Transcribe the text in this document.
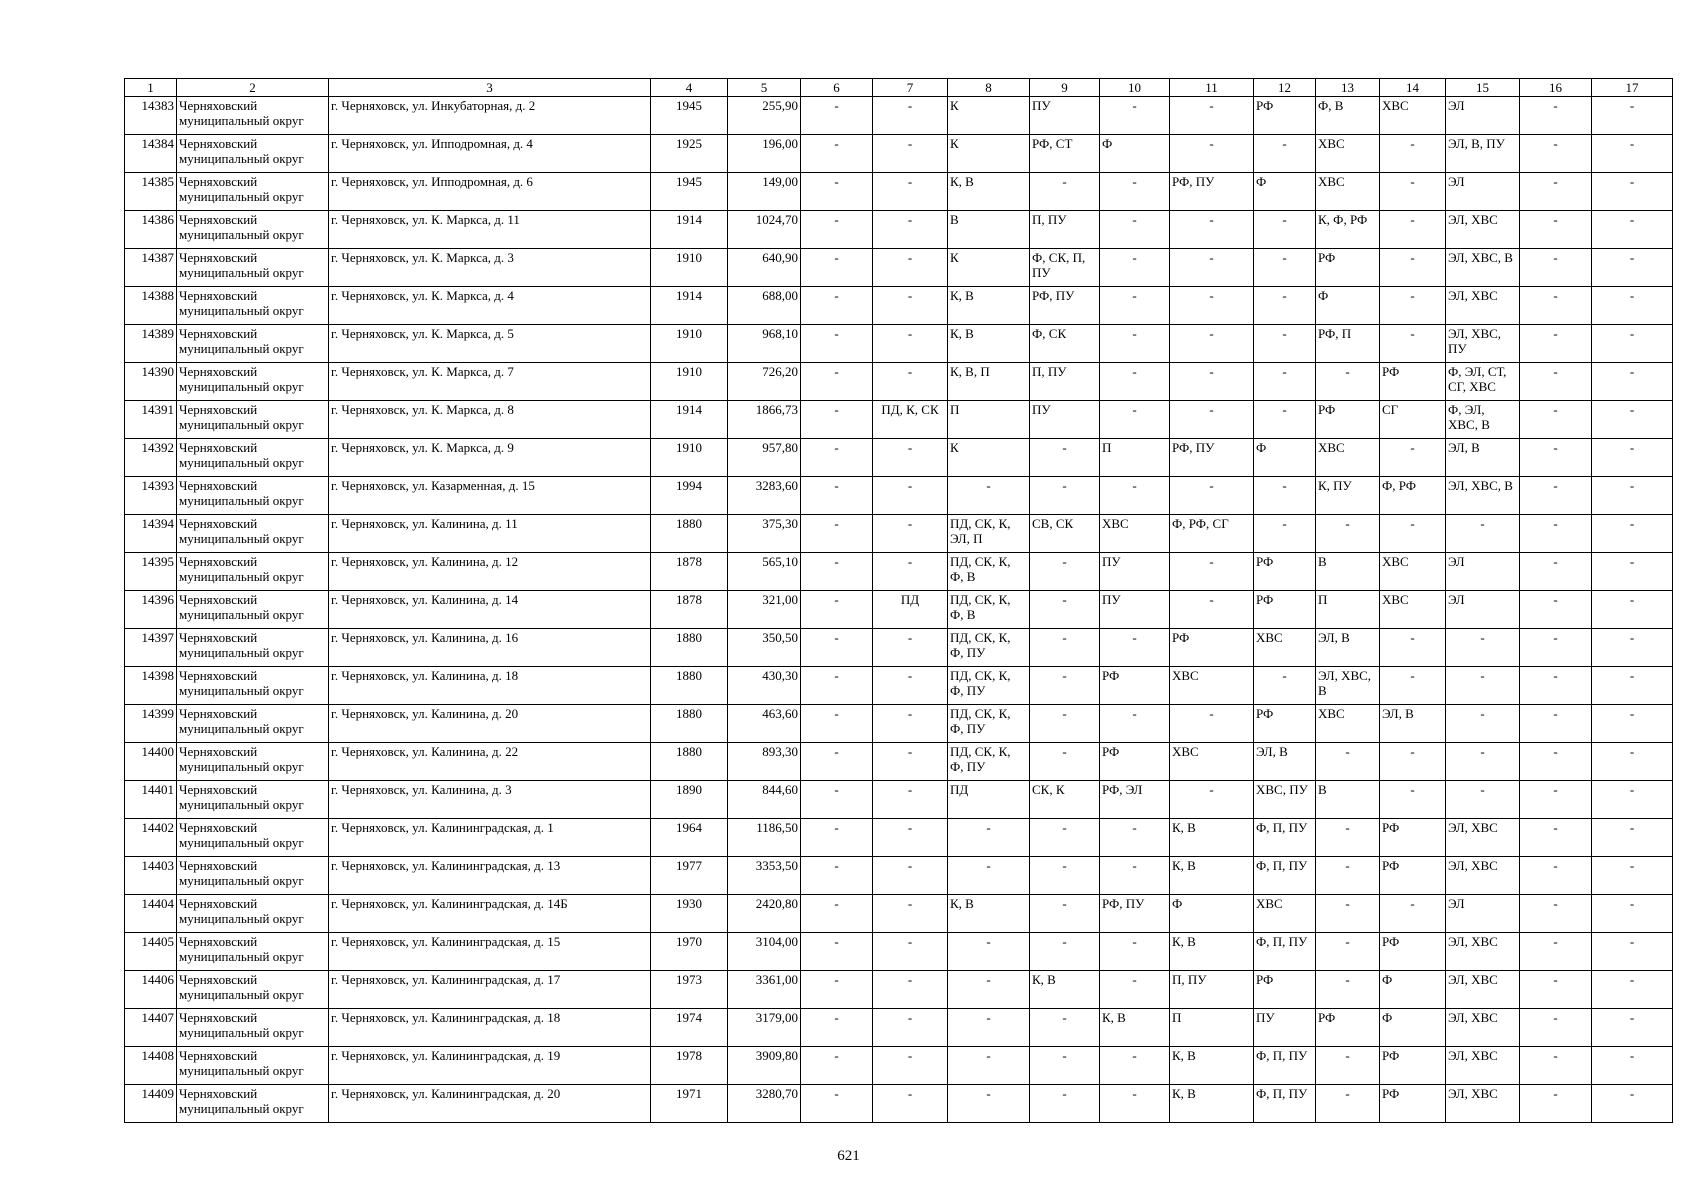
1	2	3	4	5	6	7	8	9	10	11	12	13	14	15	16	17
14383	Черняховский муниципальный округ	г. Черняховск, ул. Инкубаторная, д. 2	1945	255,90	-	-	К	ПУ	-	-	РФ	Ф, В	ХВС	ЭЛ	-	-
14384	Черняховский муниципальный округ	г. Черняховск, ул. Ипподромная, д. 4	1925	196,00	-	-	К	РФ, СТ	Ф	-	-	ХВС	-	ЭЛ, В, ПУ	-	-
14385	Черняховский муниципальный округ	г. Черняховск, ул. Ипподромная, д. 6	1945	149,00	-	-	К, В	-	-	РФ, ПУ	Ф	ХВС	-	ЭЛ	-	-
14386	Черняховский муниципальный округ	г. Черняховск, ул. К. Маркса, д. 11	1914	1024,70	-	-	В	П, ПУ	-	-	-	К, Ф, РФ	-	ЭЛ, ХВС	-	-
14387	Черняховский муниципальный округ	г. Черняховск, ул. К. Маркса, д. 3	1910	640,90	-	-	К	Ф, СК, П, ПУ	-	-	-	РФ	-	ЭЛ, ХВС, В	-	-
14388	Черняховский муниципальный округ	г. Черняховск, ул. К. Маркса, д. 4	1914	688,00	-	-	К, В	РФ, ПУ	-	-	-	Ф	-	ЭЛ, ХВС	-	-
14389	Черняховский муниципальный округ	г. Черняховск, ул. К. Маркса, д. 5	1910	968,10	-	-	К, В	Ф, СК	-	-	-	РФ, П	-	ЭЛ, ХВС, ПУ	-	-
14390	Черняховский муниципальный округ	г. Черняховск, ул. К. Маркса, д. 7	1910	726,20	-	-	К, В, П	П, ПУ	-	-	-	-	РФ	Ф, ЭЛ, СТ, СГ, ХВС	-	-
14391	Черняховский муниципальный округ	г. Черняховск, ул. К. Маркса, д. 8	1914	1866,73	-	ПД, К, СК	П	ПУ	-	-	-	РФ	СГ	Ф, ЭЛ, ХВС, В	-	-
14392	Черняховский муниципальный округ	г. Черняховск, ул. К. Маркса, д. 9	1910	957,80	-	-	К	-	П	РФ, ПУ	Ф	ХВС	-	ЭЛ, В	-	-
14393	Черняховский муниципальный округ	г. Черняховск, ул. Казарменная, д. 15	1994	3283,60	-	-	-	-	-	-	-	К, ПУ	Ф, РФ	ЭЛ, ХВС, В	-	-
14394	Черняховский муниципальный округ	г. Черняховск, ул. Калинина, д. 11	1880	375,30	-	-	ПД, СК, К, ЭЛ, П	СВ, СК	ХВС	Ф, РФ, СГ	-	-	-	-	-	-
14395	Черняховский муниципальный округ	г. Черняховск, ул. Калинина, д. 12	1878	565,10	-	-	ПД, СК, К, Ф, В	-	ПУ	-	РФ	В	ХВС	ЭЛ	-	-
14396	Черняховский муниципальный округ	г. Черняховск, ул. Калинина, д. 14	1878	321,00	-	ПД	ПД, СК, К, Ф, В	-	ПУ	-	РФ	П	ХВС	ЭЛ	-	-
14397	Черняховский муниципальный округ	г. Черняховск, ул. Калинина, д. 16	1880	350,50	-	-	ПД, СК, К, Ф, ПУ	-	-	РФ	ХВС	ЭЛ, В	-	-	-	-
14398	Черняховский муниципальный округ	г. Черняховск, ул. Калинина, д. 18	1880	430,30	-	-	ПД, СК, К, Ф, ПУ	-	РФ	ХВС	-	ЭЛ, ХВС, В	-	-	-	-
14399	Черняховский муниципальный округ	г. Черняховск, ул. Калинина, д. 20	1880	463,60	-	-	ПД, СК, К, Ф, ПУ	-	-	-	РФ	ХВС	ЭЛ, В	-	-	-
14400	Черняховский муниципальный округ	г. Черняховск, ул. Калинина, д. 22	1880	893,30	-	-	ПД, СК, К, Ф, ПУ	-	РФ	ХВС	ЭЛ, В	-	-	-	-	-
14401	Черняховский муниципальный округ	г. Черняховск, ул. Калинина, д. 3	1890	844,60	-	-	ПД	СК, К	РФ, ЭЛ	-	ХВС, ПУ	В	-	-	-	-
14402	Черняховский муниципальный округ	г. Черняховск, ул. Калининградская, д. 1	1964	1186,50	-	-	-	-	-	К, В	Ф, П, ПУ	-	РФ	ЭЛ, ХВС	-	-
14403	Черняховский муниципальный округ	г. Черняховск, ул. Калининградская, д. 13	1977	3353,50	-	-	-	-	-	К, В	Ф, П, ПУ	-	РФ	ЭЛ, ХВС	-	-
14404	Черняховский муниципальный округ	г. Черняховск, ул. Калининградская, д. 14Б	1930	2420,80	-	-	К, В	-	РФ, ПУ	Ф	ХВС	-	-	ЭЛ	-	-
14405	Черняховский муниципальный округ	г. Черняховск, ул. Калининградская, д. 15	1970	3104,00	-	-	-	-	-	К, В	Ф, П, ПУ	-	РФ	ЭЛ, ХВС	-	-
14406	Черняховский муниципальный округ	г. Черняховск, ул. Калининградская, д. 17	1973	3361,00	-	-	-	К, В	-	П, ПУ	РФ	-	Ф	ЭЛ, ХВС	-	-
14407	Черняховский муниципальный округ	г. Черняховск, ул. Калининградская, д. 18	1974	3179,00	-	-	-	-	К, В	П	ПУ	РФ	Ф	ЭЛ, ХВС	-	-
14408	Черняховский муниципальный округ	г. Черняховск, ул. Калининградская, д. 19	1978	3909,80	-	-	-	-	-	К, В	Ф, П, ПУ	-	РФ	ЭЛ, ХВС	-	-
14409	Черняховский муниципальный округ	г. Черняховск, ул. Калининградская, д. 20	1971	3280,70	-	-	-	-	-	К, В	Ф, П, ПУ	-	РФ	ЭЛ, ХВС	-	-
621
